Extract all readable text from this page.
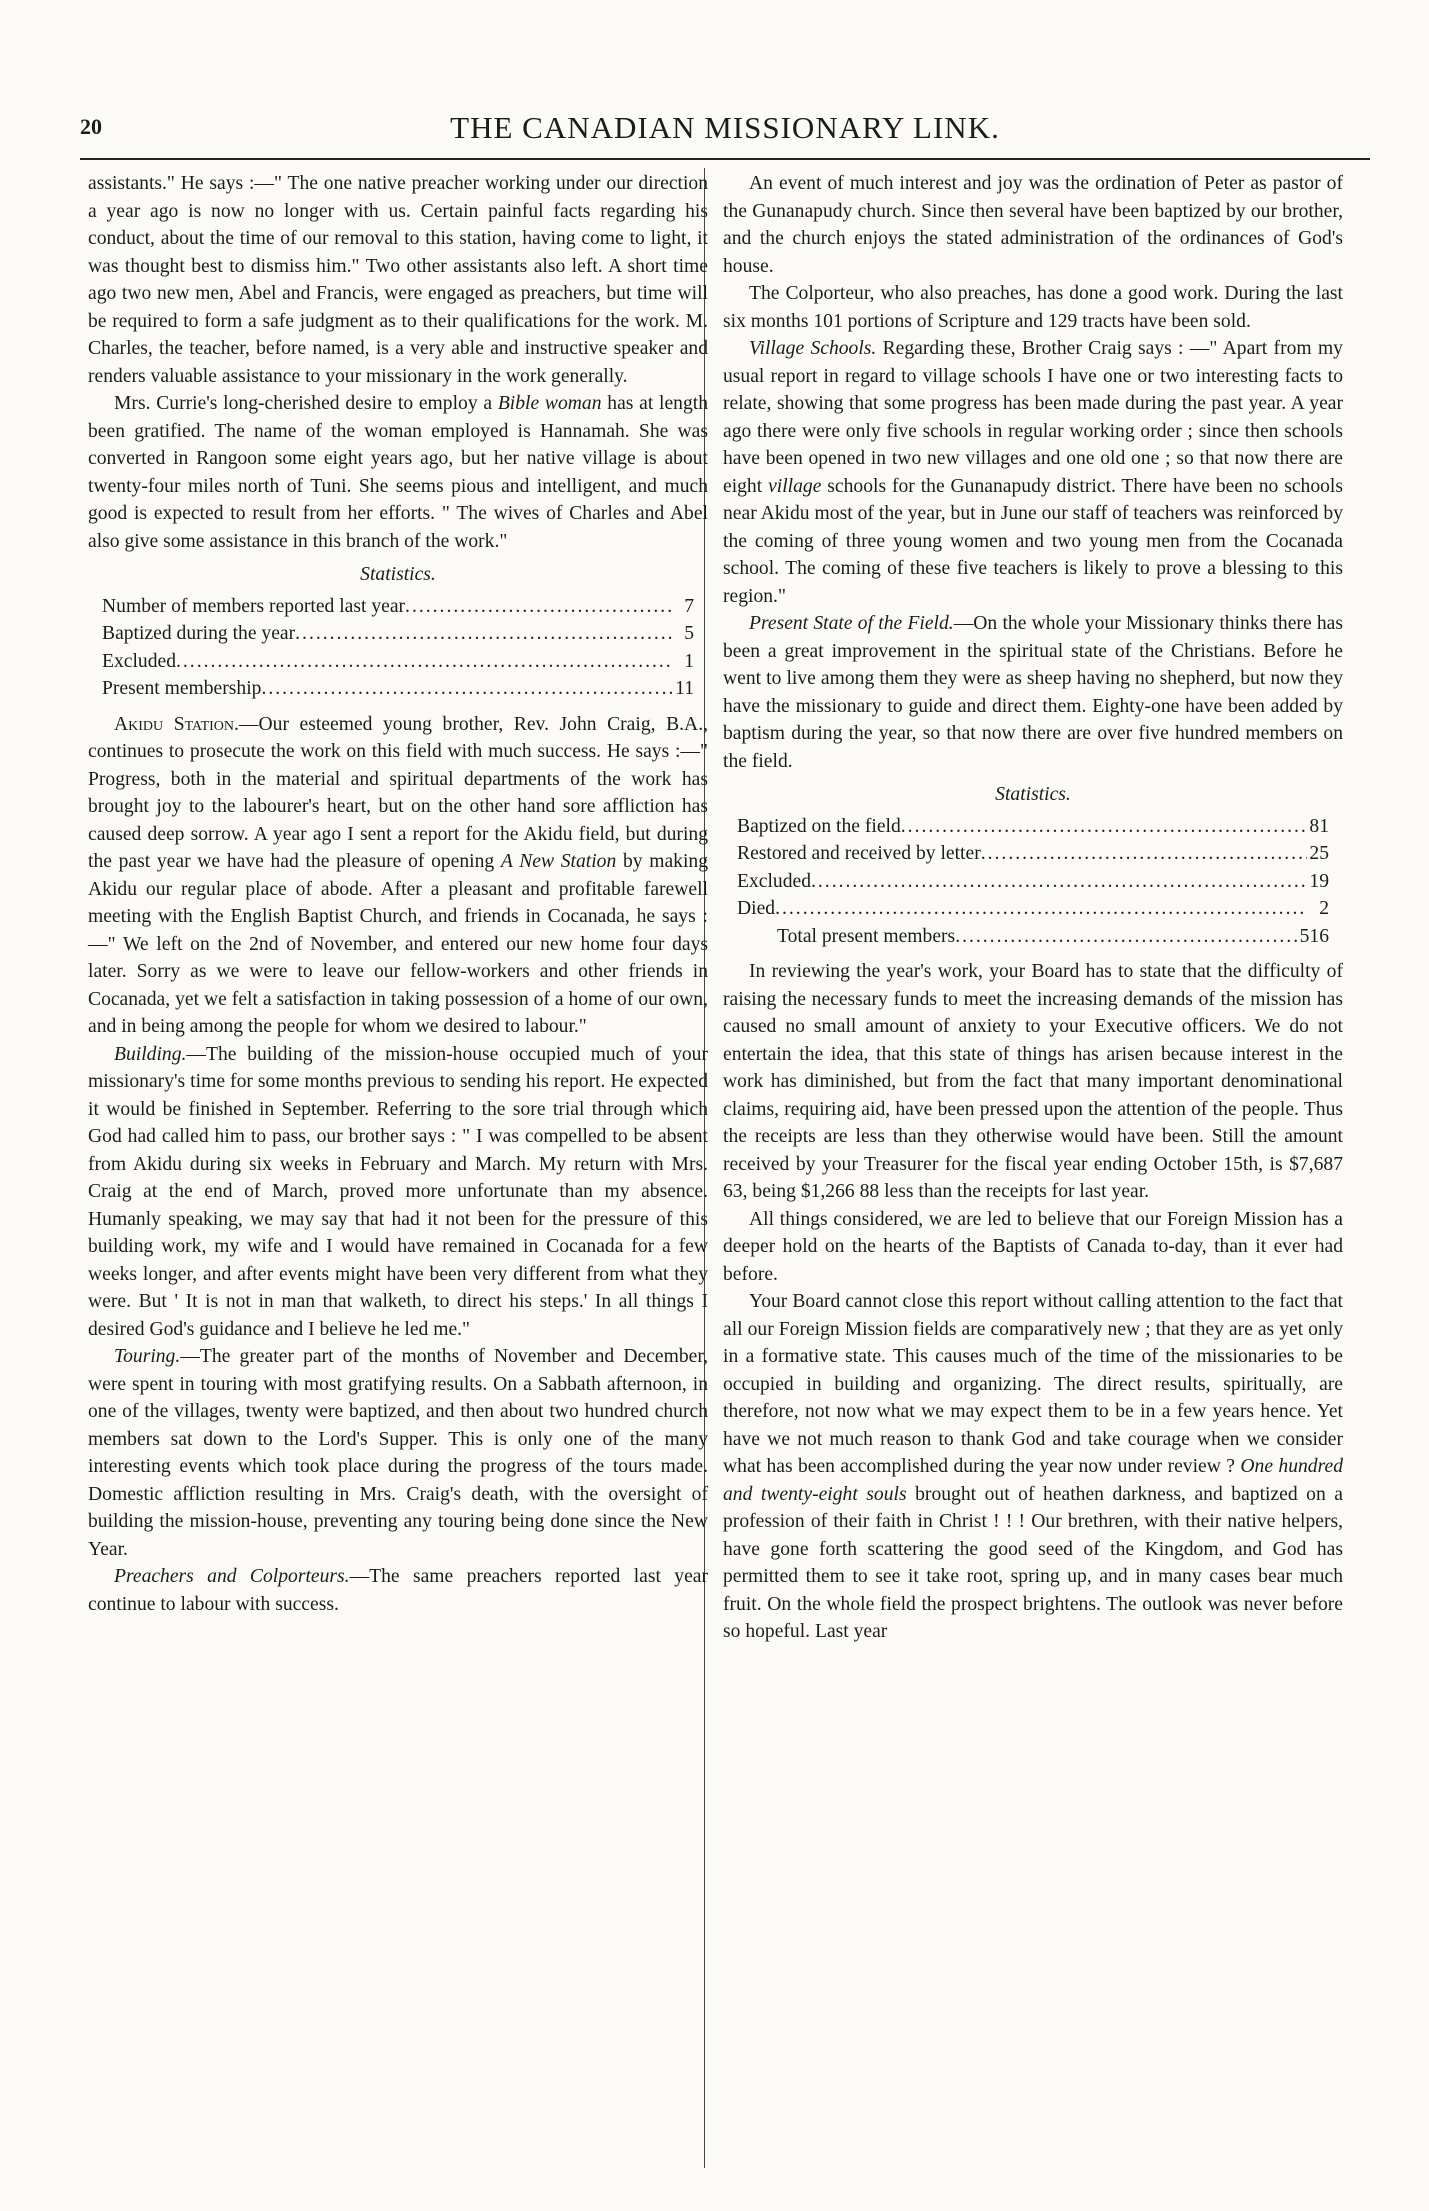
20	THE CANADIAN MISSIONARY LINK.

assistants." He says :—" The one native preacher working under our direction a year ago is now no longer with us. Certain painful facts regarding his conduct, about the time of our removal to this station, having come to light, it was thought best to dismiss him." Two other assistants also left. A short time ago two new men, Abel and Francis, were engaged as preachers, but time will be required to form a safe judgment as to their qualifications for the work. M. Charles, the teacher, before named, is a very able and instructive speaker and renders valuable assistance to your missionary in the work generally.

Mrs. Currie's long-cherished desire to employ a Bible woman has at length been gratified. The name of the woman employed is Hannamah. She was converted in Rangoon some eight years ago, but her native village is about twenty-four miles north of Tuni. She seems pious and intelligent, and much good is expected to result from her efforts. " The wives of Charles and Abel also give some assistance in this branch of the work."

Statistics.
Number of members reported last year .....	7
Baptized during the year .....	5
Excluded .....	1
Present membership .....	11

Akidu Station.—Our esteemed young brother, Rev. John Craig, B.A., continues to prosecute the work on this field with much success. He says :—" Progress, both in the material and spiritual departments of the work has brought joy to the labourer's heart, but on the other hand sore affliction has caused deep sorrow. A year ago I sent a report for the Akidu field, but during the past year we have had the pleasure of opening A New Station by making Akidu our regular place of abode. After a pleasant and profitable farewell meeting with the English Baptist Church, and friends in Cocanada, he says :—" We left on the 2nd of November, and entered our new home four days later. Sorry as we were to leave our fellow-workers and other friends in Cocanada, yet we felt a satisfaction in taking possession of a home of our own, and in being among the people for whom we desired to labour."

Building.—The building of the mission-house occupied much of your missionary's time for some months previous to sending his report. He expected it would be finished in September. Referring to the sore trial through which God had called him to pass, our brother says : " I was compelled to be absent from Akidu during six weeks in February and March. My return with Mrs. Craig at the end of March, proved more unfortunate than my absence. Humanly speaking, we may say that had it not been for the pressure of this building work, my wife and I would have remained in Cocanada for a few weeks longer, and after events might have been very different from what they were. But ' It is not in man that walketh, to direct his steps.' In all things I desired God's guidance and I believe he led me."

Touring.—The greater part of the months of November and December, were spent in touring with most gratifying results. On a Sabbath afternoon, in one of the villages, twenty were baptized, and then about two hundred church members sat down to the Lord's Supper. This is only one of the many interesting events which took place during the progress of the tours made. Domestic affliction resulting in Mrs. Craig's death, with the oversight of building the mission-house, preventing any touring being done since the New Year.

Preachers and Colporteurs.—The same preachers reported last year continue to labour with success.

An event of much interest and joy was the ordination of Peter as pastor of the Gunanapudy church. Since then several have been baptized by our brother, and the church enjoys the stated administration of the ordinances of God's house.

The Colporteur, who also preaches, has done a good work. During the last six months 101 portions of Scripture and 129 tracts have been sold.

Village Schools. Regarding these, Brother Craig says : —" Apart from my usual report in regard to village schools I have one or two interesting facts to relate, showing that some progress has been made during the past year. A year ago there were only five schools in regular working order ; since then schools have been opened in two new villages and one old one ; so that now there are eight village schools for the Gunanapudy district. There have been no schools near Akidu most of the year, but in June our staff of teachers was reinforced by the coming of three young women and two young men from the Cocanada school. The coming of these five teachers is likely to prove a blessing to this region."

Present State of the Field.—On the whole your Missionary thinks there has been a great improvement in the spiritual state of the Christians. Before he went to live among them they were as sheep having no shepherd, but now they have the missionary to guide and direct them. Eighty-one have been added by baptism during the year, so that now there are over five hundred members on the field.

Statistics.
Baptized on the field .....	81
Restored and received by letter .....	25
Excluded .....	19
Died .....	2
Total present members .....	516

In reviewing the year's work, your Board has to state that the difficulty of raising the necessary funds to meet the increasing demands of the mission has caused no small amount of anxiety to your Executive officers. We do not entertain the idea, that this state of things has arisen because interest in the work has diminished, but from the fact that many important denominational claims, requiring aid, have been pressed upon the attention of the people. Thus the receipts are less than they otherwise would have been. Still the amount received by your Treasurer for the fiscal year ending October 15th, is $7,687 63, being $1,266 88 less than the receipts for last year.

All things considered, we are led to believe that our Foreign Mission has a deeper hold on the hearts of the Baptists of Canada to-day, than it ever had before.

Your Board cannot close this report without calling attention to the fact that all our Foreign Mission fields are comparatively new ; that they are as yet only in a formative state. This causes much of the time of the missionaries to be occupied in building and organizing. The direct results, spiritually, are therefore, not now what we may expect them to be in a few years hence. Yet have we not much reason to thank God and take courage when we consider what has been accomplished during the year now under review ? One hundred and twenty-eight souls brought out of heathen darkness, and baptized on a profession of their faith in Christ ! ! ! Our brethren, with their native helpers, have gone forth scattering the good seed of the Kingdom, and God has permitted them to see it take root, spring up, and in many cases bear much fruit. On the whole field the prospect brightens. The outlook was never before so hopeful. Last year
